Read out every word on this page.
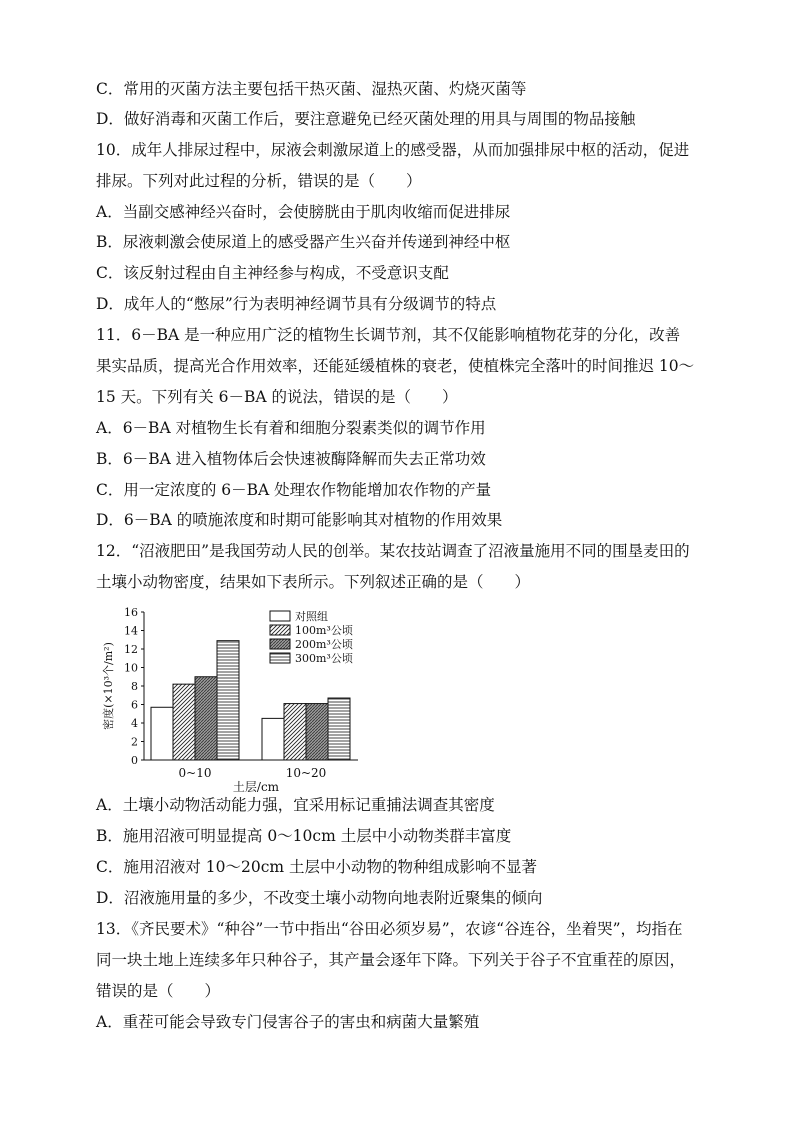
C．常用的灭菌方法主要包括干热灭菌、湿热灭菌、灼烧灭菌等
D．做好消毒和灭菌工作后，要注意避免已经灭菌处理的用具与周围的物品接触
10．成年人排尿过程中，尿液会刺激尿道上的感受器，从而加强排尿中枢的活动，促进
排尿。下列对此过程的分析，错误的是（　　）
A．当副交感神经兴奋时，会使膀胱由于肌肉收缩而促进排尿
B．尿液刺激会使尿道上的感受器产生兴奋并传递到神经中枢
C．该反射过程由自主神经参与构成，不受意识支配
D．成年人的“憋尿”行为表明神经调节具有分级调节的特点
11．6－BA 是一种应用广泛的植物生长调节剂，其不仅能影响植物花芽的分化，改善
果实品质，提高光合作用效率，还能延缓植株的衰老，使植株完全落叶的时间推迟 10～
15 天。下列有关 6－BA 的说法，错误的是（　　）
A．6－BA 对植物生长有着和细胞分裂素类似的调节作用
B．6－BA 进入植物体后会快速被酶降解而失去正常功效
C．用一定浓度的 6－BA 处理农作物能增加农作物的产量
D．6－BA 的喷施浓度和时期可能影响其对植物的作用效果
12．“沼液肥田”是我国劳动人民的创举。某农技站调查了沼液量施用不同的围垦麦田的
土壤小动物密度，结果如下表所示。下列叙述正确的是（　　）
A．土壤小动物活动能力强，宜采用标记重捕法调查其密度
B．施用沼液可明显提高 0～10cm 土层中小动物类群丰富度
C．施用沼液对 10～20cm 土层中小动物的物种组成影响不显著
D．沼液施用量的多少，不改变土壤小动物向地表附近聚集的倾向
13．《齐民要术》“种谷”一节中指出“谷田必须岁易”，农谚“谷连谷，坐着哭”，均指在
同一块土地上连续多年只种谷子，其产量会逐年下降。下列关于谷子不宜重茬的原因，
错误的是（　　）
A．重茬可能会导致专门侵害谷子的害虫和病菌大量繁殖
0
2
4
6
8
10
12
14
16
密度(×10³个/m²)
0~10	10~20
土层/cm
对照组
100m³公顷
200m³公顷
300m³公顷
